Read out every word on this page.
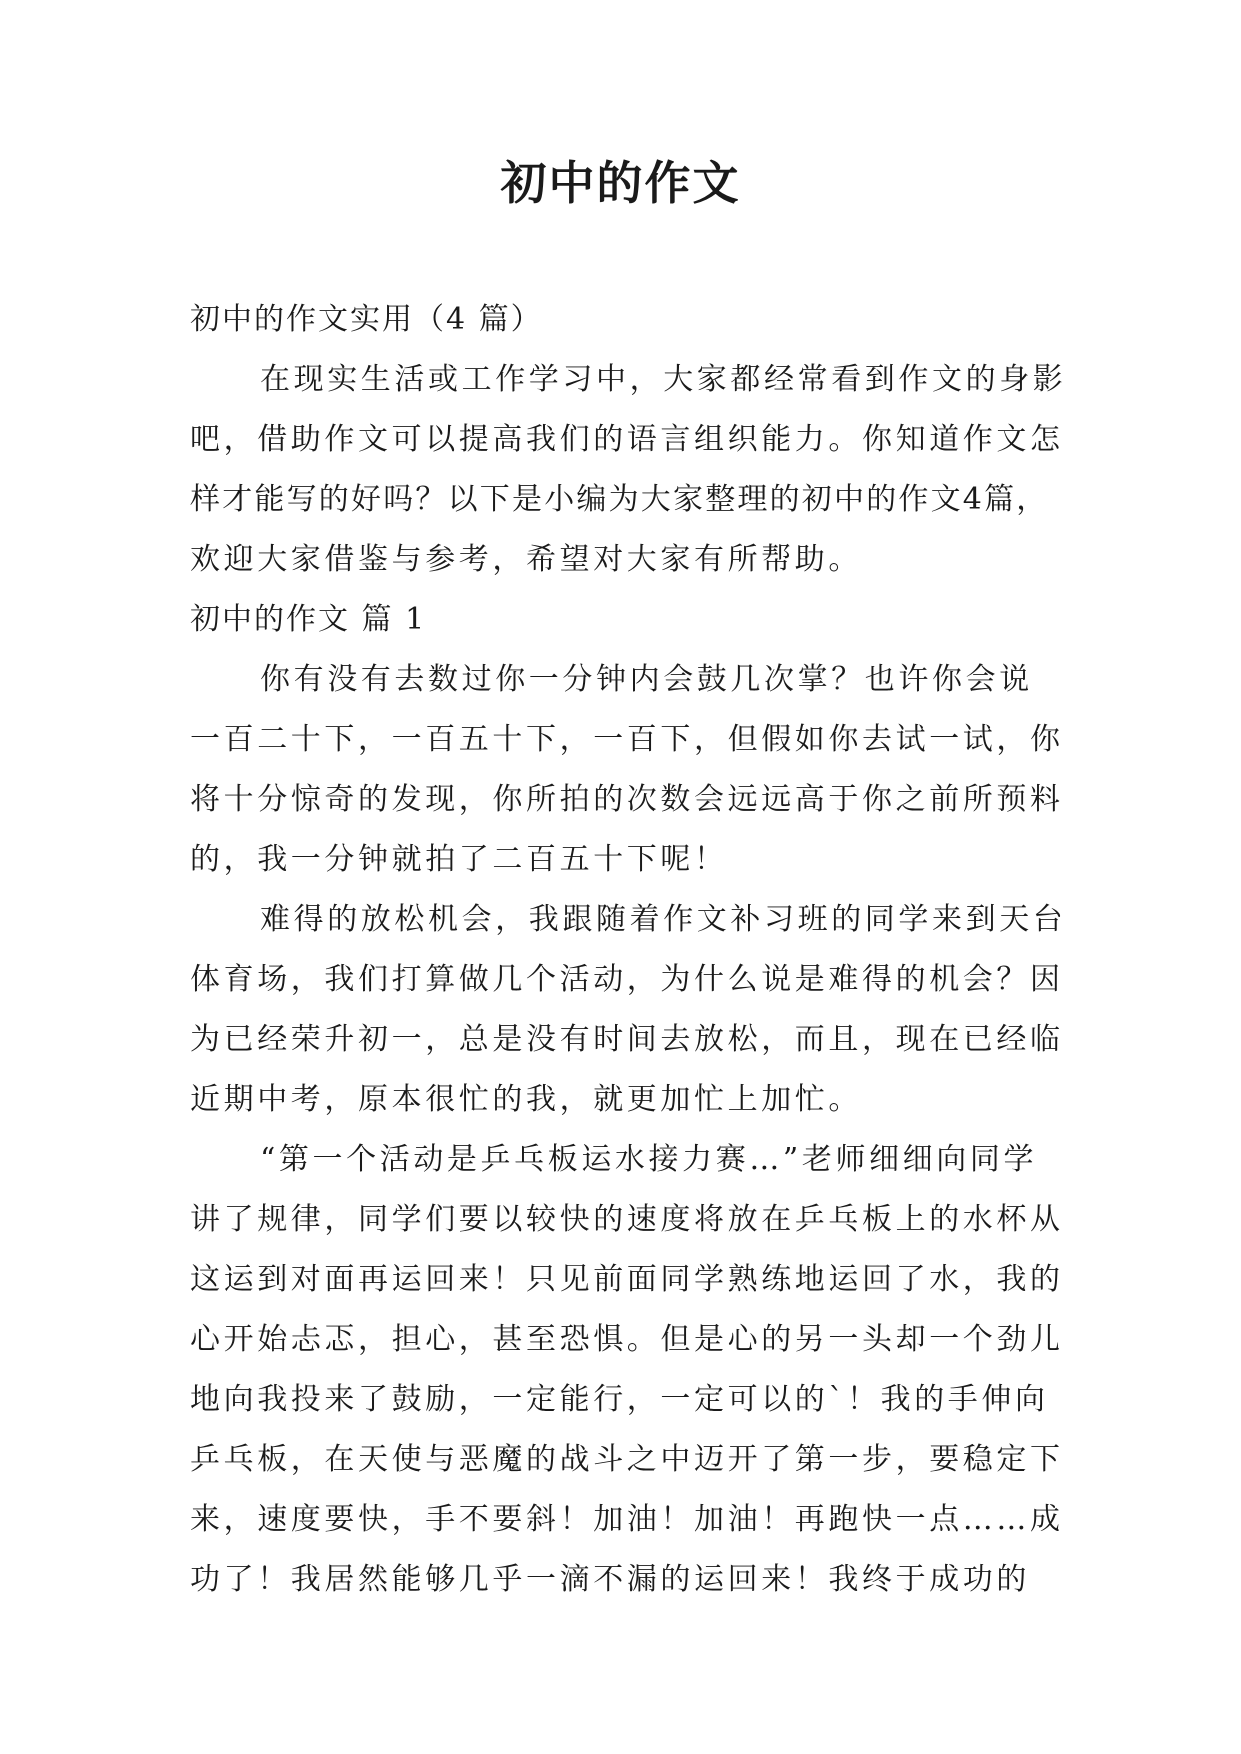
初中的作文
初中的作文实用（4 篇）
在现实生活或工作学习中，大家都经常看到作文的身影
吧，借助作文可以提高我们的语言组织能力。你知道作文怎
样才能写的好吗？以下是小编为大家整理的初中的作文4篇，
欢迎大家借鉴与参考，希望对大家有所帮助。
初中的作文 篇 1
你有没有去数过你一分钟内会鼓几次掌？也许你会说
一百二十下，一百五十下，一百下，但假如你去试一试，你
将十分惊奇的发现，你所拍的次数会远远高于你之前所预料
的，我一分钟就拍了二百五十下呢！
难得的放松机会，我跟随着作文补习班的同学来到天台
体育场，我们打算做几个活动，为什么说是难得的机会？因
为已经荣升初一，总是没有时间去放松，而且，现在已经临
近期中考，原本很忙的我，就更加忙上加忙。
“第一个活动是乒乓板运水接力赛…”老师细细向同学
讲了规律，同学们要以较快的速度将放在乒乓板上的水杯从
这运到对面再运回来！只见前面同学熟练地运回了水，我的
心开始忐忑，担心，甚至恐惧。但是心的另一头却一个劲儿
地向我投来了鼓励，一定能行，一定可以的`！我的手伸向
乒乓板，在天使与恶魔的战斗之中迈开了第一步，要稳定下
来，速度要快，手不要斜！加油！加油！再跑快一点……成
功了！我居然能够几乎一滴不漏的运回来！我终于成功的
